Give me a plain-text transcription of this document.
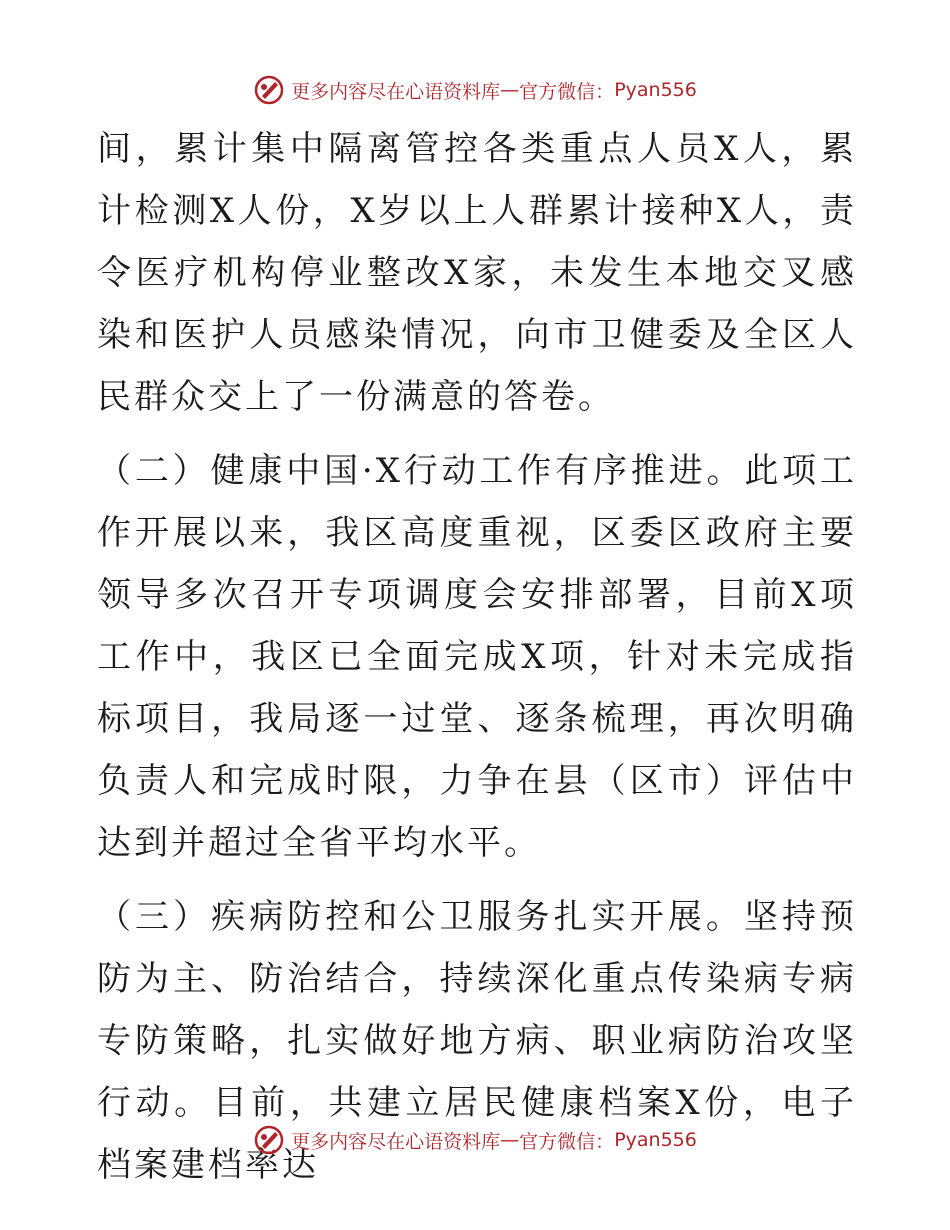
更多内容尽在心语资料库 — 官方微信： Pyan556

间，累计集中隔离管控各类重点人员X人，累计检测X人份，X岁以上人群累计接种X人，责令医疗机构停业整改X家，未发生本地交叉感染和医护人员感染情况，向市卫健委及全区人民群众交上了一份满意的答卷。

（二）健康中国·X行动工作有序推进。此项工作开展以来，我区高度重视，区委区政府主要领导多次召开专项调度会安排部署，目前X项工作中，我区已全面完成X项，针对未完成指标项目，我局逐一过堂、逐条梳理，再次明确负责人和完成时限，力争在县（区市）评估中达到并超过全省平均水平。

（三）疾病防控和公卫服务扎实开展。坚持预防为主、防治结合，持续深化重点传染病专病专防策略，扎实做好地方病、职业病防治攻坚行动。目前，共建立居民健康档案X份，电子档案建档率达

更多内容尽在心语资料库 — 官方微信： Pyan556
